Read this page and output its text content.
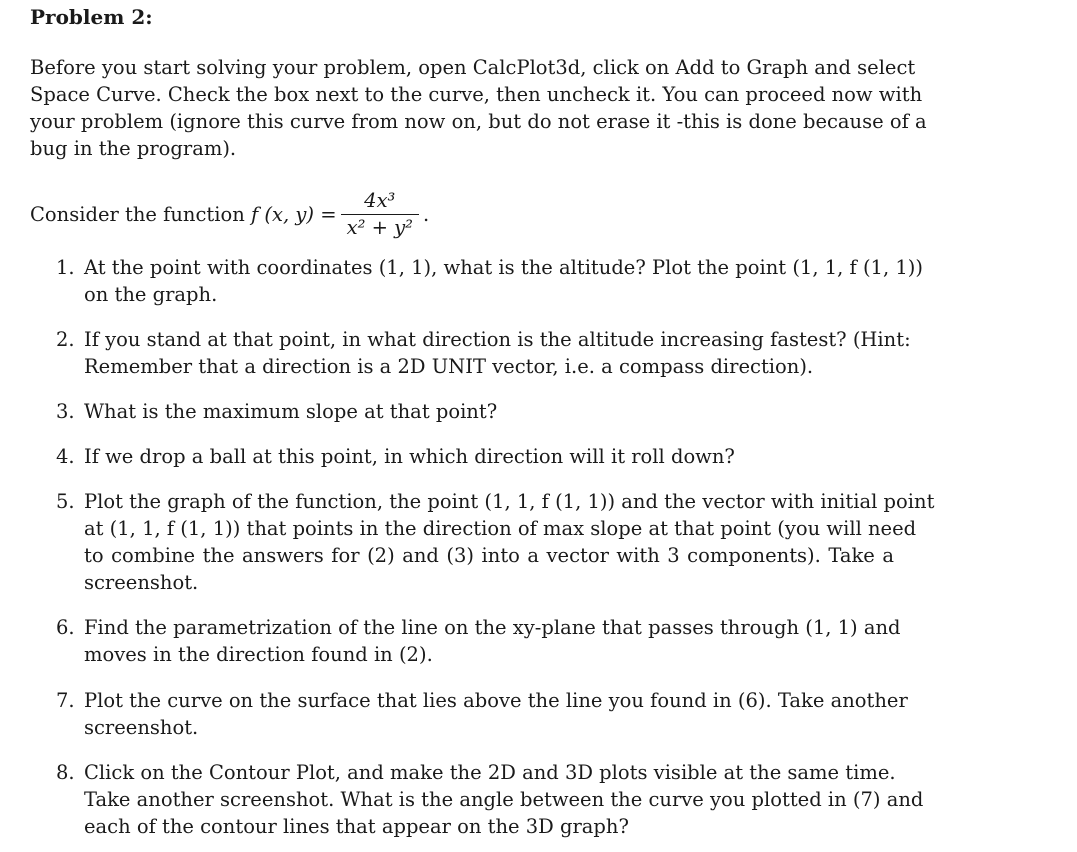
Problem 2:
Before you start solving your problem, open CalcPlot3d, click on Add to Graph and select
Space Curve. Check the box next to the curve, then uncheck it. You can proceed now with
your problem (ignore this curve from now on, but do not erase it -this is done because of a
bug in the program).
Consider the function
f (x, $y) = \frac{\text{4x³}}{\text{x² + y²}}$ .
1. At the point with coordinates (1, 1), what is the altitude? Plot the point (1, 1, f (1, 1))
on the graph.
2. If you stand at that point, in what direction is the altitude increasing fastest? (Hint:
Remember that a direction is a 2D UNIT vector, i.e. a compass direction).
3. What is the maximum slope at that point?
4. If we drop a ball at this point, in which direction will it roll down?
5. Plot the graph of the function, the point (1, 1, f (1, 1)) and the vector with initial point
at (1, 1, f (1, 1)) that points in the direction of max slope at that point (you will need
to combine the answers for (2) and (3) into a vector with 3 components). Take a
screenshot.
6. Find the parametrization of the line on the xy-plane that passes through (1, 1) and
moves in the direction found in (2).
7. Plot the curve on the surface that lies above the line you found in (6). Take another
screenshot.
8. Click on the Contour Plot, and make the 2D and 3D plots visible at the same time.
Take another screenshot. What is the angle between the curve you plotted in (7) and
each of the contour lines that appear on the 3D graph?
